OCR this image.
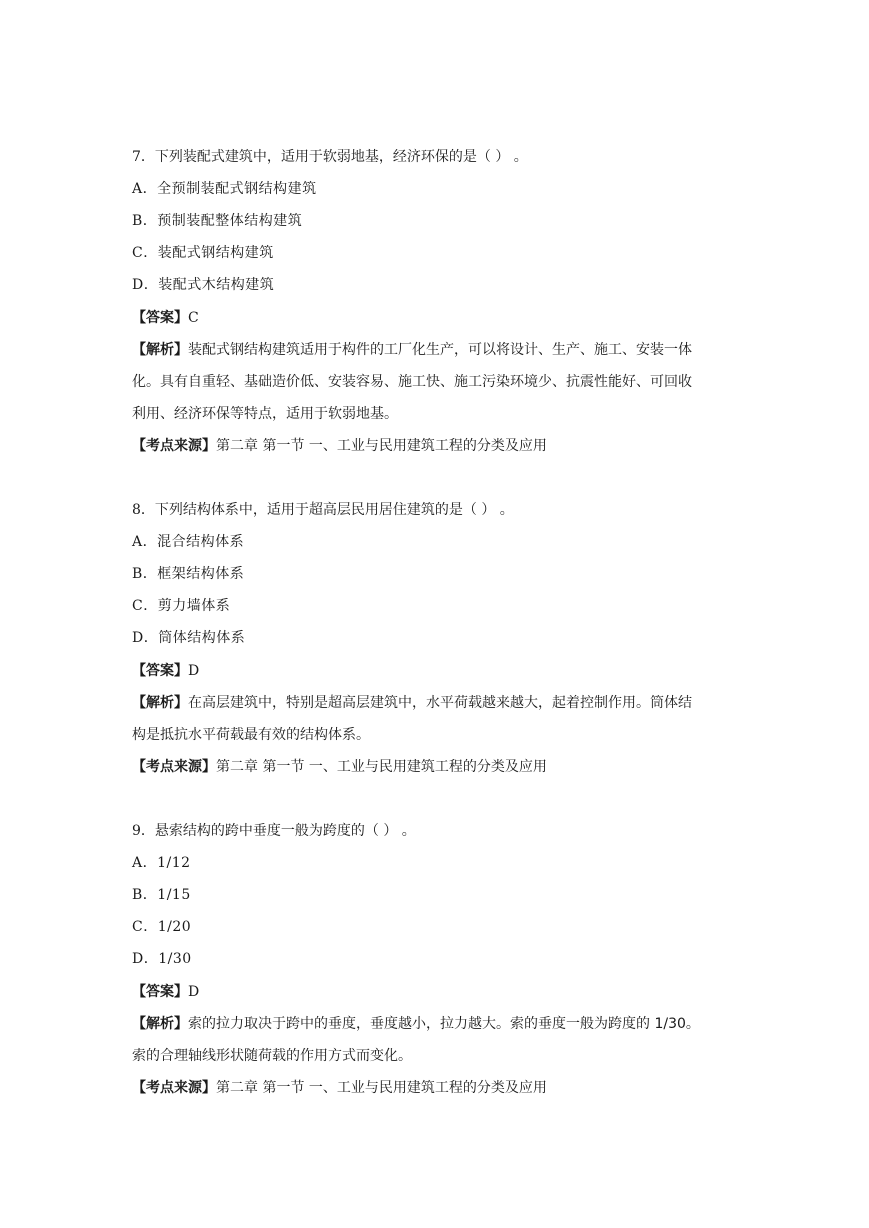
7．下列装配式建筑中，适用于软弱地基，经济环保的是（ ） 。
A．全预制装配式钢结构建筑
B．预制装配整体结构建筑
C．装配式钢结构建筑
D．装配式木结构建筑
【答案】C
【解析】装配式钢结构建筑适用于构件的工厂化生产，可以将设计、生产、施工、安装一体
化。具有自重轻、基础造价低、安装容易、施工快、施工污染环境少、抗震性能好、可回收
利用、经济环保等特点，适用于软弱地基。
【考点来源】第二章 第一节 一、工业与民用建筑工程的分类及应用
8．下列结构体系中，适用于超高层民用居住建筑的是（ ） 。
A．混合结构体系
B．框架结构体系
C．剪力墙体系
D．筒体结构体系
【答案】D
【解析】在高层建筑中，特别是超高层建筑中，水平荷载越来越大，起着控制作用。筒体结
构是抵抗水平荷载最有效的结构体系。
【考点来源】第二章 第一节 一、工业与民用建筑工程的分类及应用
9．悬索结构的跨中垂度一般为跨度的（ ） 。
A．1/12
B．1/15
C．1/20
D．1/30
【答案】D
【解析】索的拉力取决于跨中的垂度，垂度越小，拉力越大。索的垂度一般为跨度的 1/30。
索的合理轴线形状随荷载的作用方式而变化。
【考点来源】第二章 第一节 一、工业与民用建筑工程的分类及应用
